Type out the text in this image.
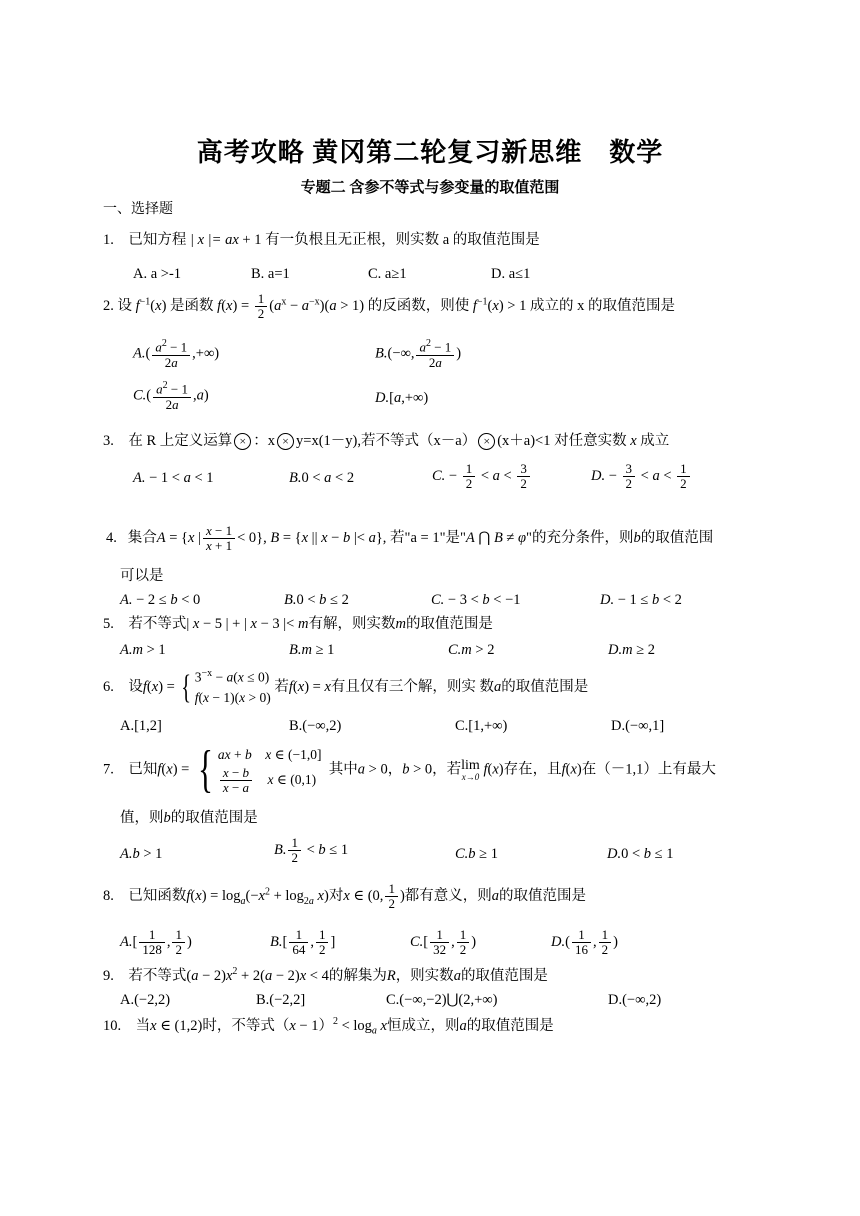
高考攻略 黄冈第二轮复习新思维　数学
专题二 含参不等式与参变量的取值范围
一、选择题
1. 已知方程 | x |= ax + 1 有一负根且无正根，则实数 a 的取值范围是
A. a >-1	B. a=1	C. a≥1	D. a≤1
2. 设 $f^{-1}(x)$ 是函数 $f(x) = \frac{1}{2} (a^x - a^{-x})(a > 1)$ 的反函数，则使 $f^{-1}(x) > 1$ 成立的 x 的取值范围是
$A.( \frac{a^2 - 1}{2a}$ ,+∞)	B.(−∞, $\frac{a^2 - 1}{2a}$ )
$C.( \frac{a^2 - 1}{2a} ,a)$	D.[a,+∞)
3. 在 R 上定义运算 × ：x × y=x(1－y),若不等式（x－a） × (x＋a)<1 对任意实数 x 成立
A. − 1 < a < 1	B.0 < a < 2	C. − $\frac{1}{2} < a < \frac{3}{2}$	D. − $\frac{3}{2} < a < \frac{1}{2}$
4. 集合A = {x | $\frac{x - 1}{x + 1} < 0$}, B = {x || x − b |< a}, 若"a = 1"是"A ⋂ B ≠ φ"的充分条件，则b的取值范围
可以是
A. − 2 ≤ b < 0	B.0 < b ≤ 2	C. − 3 < b < −1	D. − 1 ≤ b < 2
5. 若不等式| x − 5 | + | x − 3 |< m有解，则实数m的取值范围是
A.m > 1	B.m ≥ 1	C.m > 2	D.m ≥ 2
6. 设f(x) = { $3^{-x} - a(x \le 0)$
f(x − 1)(x > 0) 若f(x) = x有且仅有三个解，则实 数a的取值范围是
A.[1,2]	B.(−∞,2)	C.[1,+∞)	D.(−∞,1]
7. 已知f(x) = { ax + b x ∈ (−1,0]

$\frac{x - b}{x - a}$ x ∈ (0,1)  其中a > 0，b > 0，若 lim
x→0 f(x)存在，且f(x)在（－1,1）上有最大
值，则b的取值范围是
A.b > 1	B. $\frac{1}{2} < b \le 1$	C.b ≥ 1	D.0 < b ≤ 1
8. 已知函数$f(x) = \log_a(-x^2 + \log_{2a} x)$对x ∈ (0, $\frac{1}{2}$ )都有意义，则a的取值范围是
$A.[ \frac{1}{128}$ , $\frac{1}{2}$ )	$B.[ \frac{1}{64}$ , $\frac{1}{2}$ ]	$C.[ \frac{1}{32}$ , $\frac{1}{2}$ )	$D.( \frac{1}{16}$ , $\frac{1}{2}$ )
9. 若不等式$(a - 2)x^2 + 2(a - 2)x < 4$的解集为R，则实数a的取值范围是
A.(−2,2)	B.(−2,2]	C.(−∞,−2)⋃(2,+∞)	D.(−∞,2)
10. 当x ∈ (1,2)时，不等式$(x - 1)^2 < \log_a x$恒成立，则a的取值范围是
